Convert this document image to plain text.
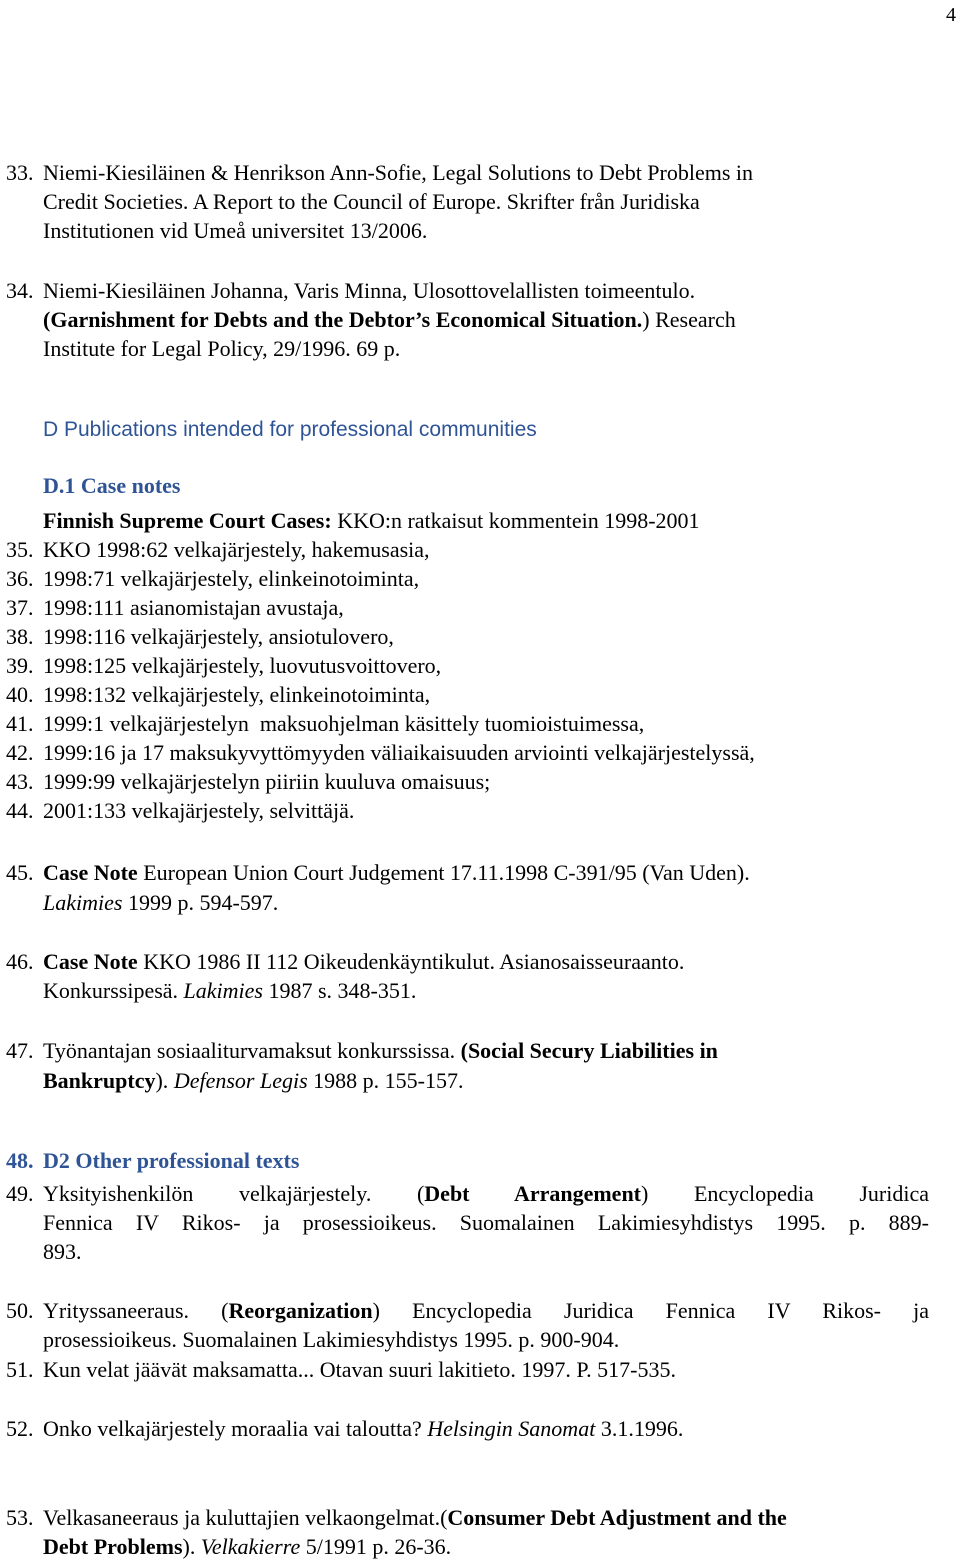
4
33. Niemi-Kiesiläinen & Henrikson Ann-Sofie, Legal Solutions to Debt Problems in
Credit Societies. A Report to the Council of Europe. Skrifter från Juridiska
Institutionen vid Umeå universitet 13/2006.
34. Niemi-Kiesiläinen Johanna, Varis Minna, Ulosottovelallisten toimeentulo.
(Garnishment for Debts and the Debtor’s Economical Situation.) Research
Institute for Legal Policy, 29/1996. 69 p.
D Publications intended for professional communities
D.1 Case notes
Finnish Supreme Court Cases: KKO:n ratkaisut kommentein 1998-2001
35. KKO 1998:62 velkajärjestely, hakemusasia,
36. 1998:71 velkajärjestely, elinkeinotoiminta,
37. 1998:111 asianomistajan avustaja,
38. 1998:116 velkajärjestely, ansiotulovero,
39. 1998:125 velkajärjestely, luovutusvoittovero,
40. 1998:132 velkajärjestely, elinkeinotoiminta,
41. 1999:1 velkajärjestelyn  maksuohjelman käsittely tuomioistuimessa,
42. 1999:16 ja 17 maksukyvyttömyyden väliaikaisuuden arviointi velkajärjestelyssä,
43. 1999:99 velkajärjestelyn piiriin kuuluva omaisuus;
44. 2001:133 velkajärjestely, selvittäjä.
45. Case Note European Union Court Judgement 17.11.1998 C-391/95 (Van Uden).
Lakimies 1999 p. 594-597.
46. Case Note KKO 1986 II 112 Oikeudenkäyntikulut. Asianosaisseuraanto.
Konkurssipesä. Lakimies 1987 s. 348-351.
47. Työnantajan sosiaaliturvamaksut konkurssissa. (Social Secury Liabilities in
Bankruptcy). Defensor Legis 1988 p. 155-157.
48. D2 Other professional texts
49. Yksityishenkilön velkajärjestely. (Debt Arrangement) Encyclopedia Juridica
Fennica IV Rikos- ja prosessioikeus. Suomalainen Lakimiesyhdistys 1995. p. 889-
893.
50. Yrityssaneeraus. (Reorganization) Encyclopedia Juridica Fennica IV Rikos- ja
prosessioikeus. Suomalainen Lakimiesyhdistys 1995. p. 900-904.
51. Kun velat jäävät maksamatta... Otavan suuri lakitieto. 1997. P. 517-535.
52. Onko velkajärjestely moraalia vai taloutta? Helsingin Sanomat 3.1.1996.
53. Velkasaneeraus ja kuluttajien velkaongelmat.(Consumer Debt Adjustment and the
Debt Problems). Velkakierre 5/1991 p. 26-36.
